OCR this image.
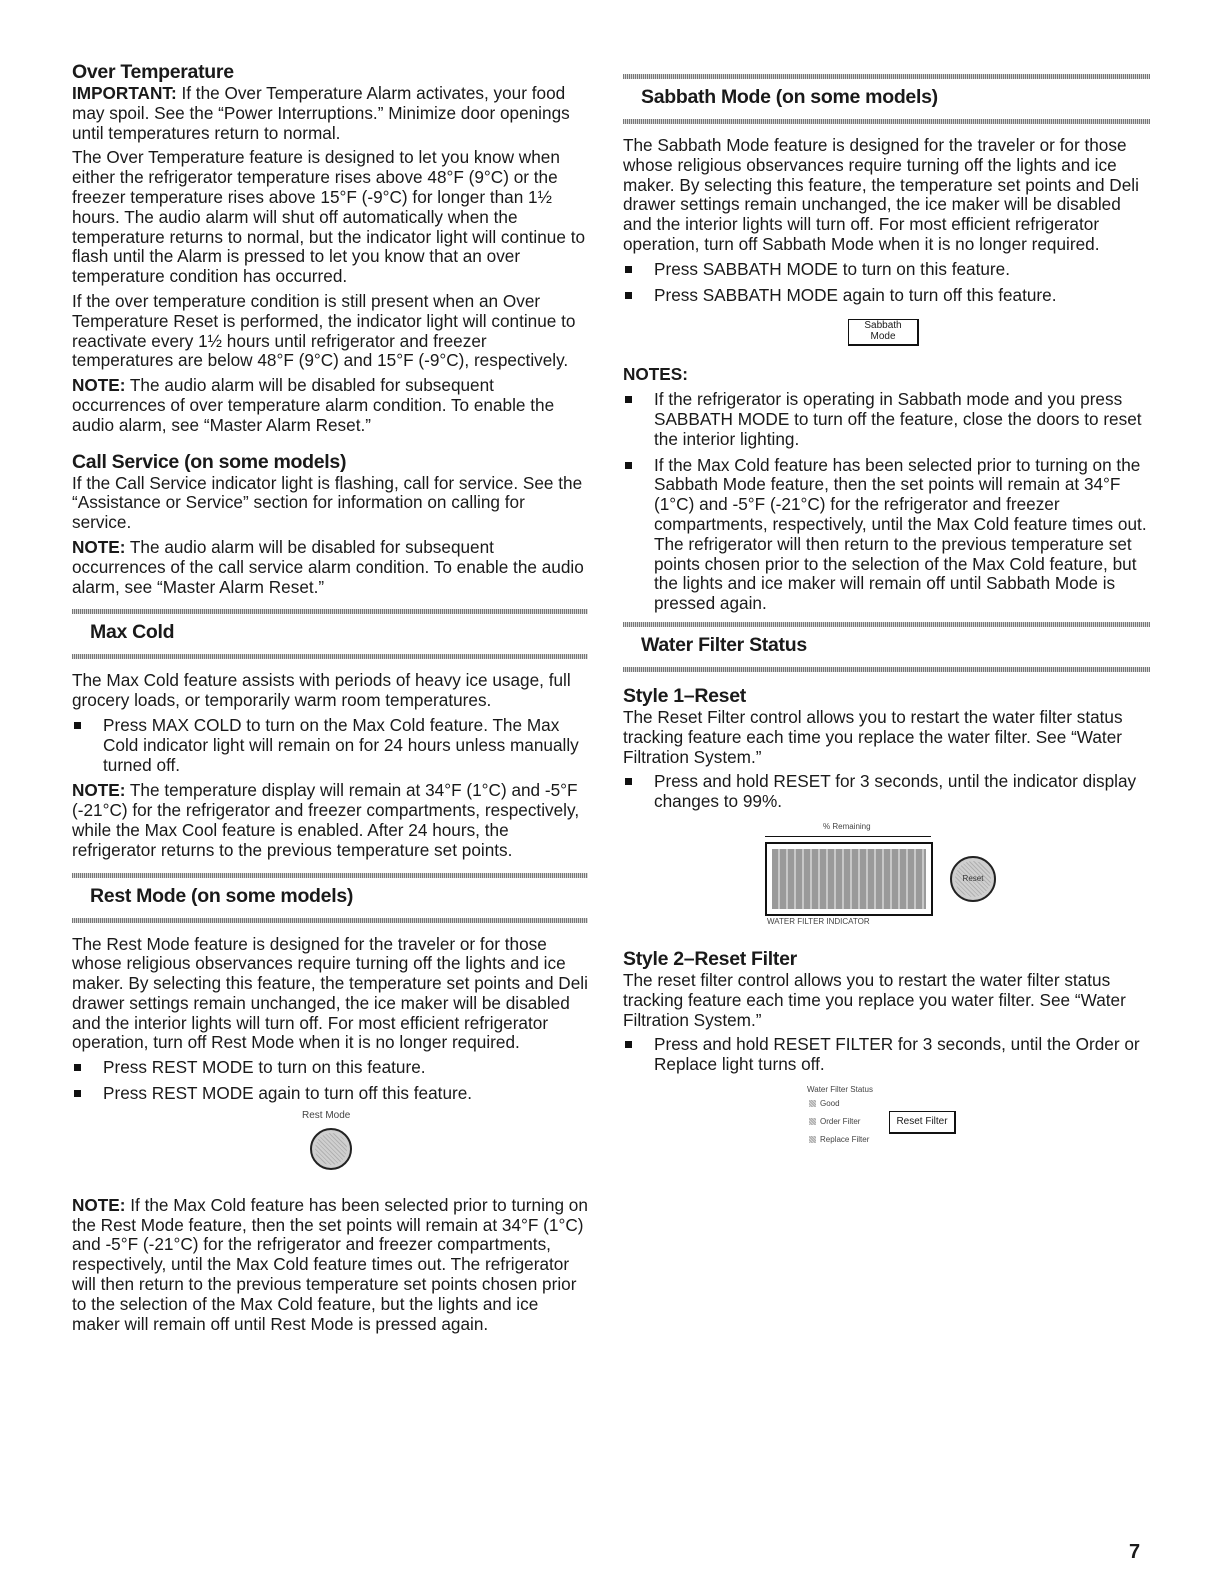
Over Temperature

IMPORTANT: If the Over Temperature Alarm activates, your food may spoil. See the “Power Interruptions.” Minimize door openings until temperatures return to normal.

The Over Temperature feature is designed to let you know when either the refrigerator temperature rises above 48°F (9°C) or the freezer temperature rises above 15°F (-9°C) for longer than 1½ hours. The audio alarm will shut off automatically when the temperature returns to normal, but the indicator light will continue to flash until the Alarm is pressed to let you know that an over temperature condition has occurred.

If the over temperature condition is still present when an Over Temperature Reset is performed, the indicator light will continue to reactivate every 1½ hours until refrigerator and freezer temperatures are below 48°F (9°C) and 15°F (-9°C), respectively.

NOTE: The audio alarm will be disabled for subsequent occurrences of over temperature alarm condition. To enable the audio alarm, see “Master Alarm Reset.”

Call Service (on some models)

If the Call Service indicator light is flashing, call for service. See the “Assistance or Service” section for information on calling for service.

NOTE: The audio alarm will be disabled for subsequent occurrences of the call service alarm condition. To enable the audio alarm, see “Master Alarm Reset.”

Max Cold

The Max Cold feature assists with periods of heavy ice usage, full grocery loads, or temporarily warm room temperatures.

Press MAX COLD to turn on the Max Cold feature. The Max Cold indicator light will remain on for 24 hours unless manually turned off.

NOTE: The temperature display will remain at 34°F (1°C) and -5°F (-21°C) for the refrigerator and freezer compartments, respectively, while the Max Cool feature is enabled. After 24 hours, the refrigerator returns to the previous temperature set points.

Rest Mode (on some models)

The Rest Mode feature is designed for the traveler or for those whose religious observances require turning off the lights and ice maker. By selecting this feature, the temperature set points and Deli drawer settings remain unchanged, the ice maker will be disabled and the interior lights will turn off. For most efficient refrigerator operation, turn off Rest Mode when it is no longer required.

Press REST MODE to turn on this feature.
Press REST MODE again to turn off this feature.
Rest Mode

NOTE: If the Max Cold feature has been selected prior to turning on the Rest Mode feature, then the set points will remain at 34°F (1°C) and -5°F (-21°C) for the refrigerator and freezer compartments, respectively, until the Max Cold feature times out. The refrigerator will then return to the previous temperature set points chosen prior to the selection of the Max Cold feature, but the lights and ice maker will remain off until Rest Mode is pressed again.

Sabbath Mode (on some models)

The Sabbath Mode feature is designed for the traveler or for those whose religious observances require turning off the lights and ice maker. By selecting this feature, the temperature set points and Deli drawer settings remain unchanged, the ice maker will be disabled and the interior lights will turn off. For most efficient refrigerator operation, turn off Sabbath Mode when it is no longer required.

Press SABBATH MODE to turn on this feature.
Press SABBATH MODE again to turn off this feature.
Sabbath
Mode

NOTES:

If the refrigerator is operating in Sabbath mode and you press SABBATH MODE to turn off the feature, close the doors to reset the interior lighting.
If the Max Cold feature has been selected prior to turning on the Sabbath Mode feature, then the set points will remain at 34°F (1°C) and -5°F (-21°C) for the refrigerator and freezer compartments, respectively, until the Max Cold feature times out. The refrigerator will then return to the previous temperature set points chosen prior to the selection of the Max Cold feature, but the lights and ice maker will remain off until Sabbath Mode is pressed again.
Water Filter Status
Style 1–Reset

The Reset Filter control allows you to restart the water filter status tracking feature each time you replace the water filter. See “Water Filtration System.”

Press and hold RESET for 3 seconds, until the indicator display changes to 99%.
% Remaining
Reset
WATER FILTER INDICATOR
Style 2–Reset Filter

The reset filter control allows you to restart the water filter status tracking feature each time you replace you water filter. See “Water Filtration System.”

Press and hold RESET FILTER for 3 seconds, until the Order or Replace light turns off.
Water Filter Status
Good
Order Filter
Replace Filter
Reset Filter
7
